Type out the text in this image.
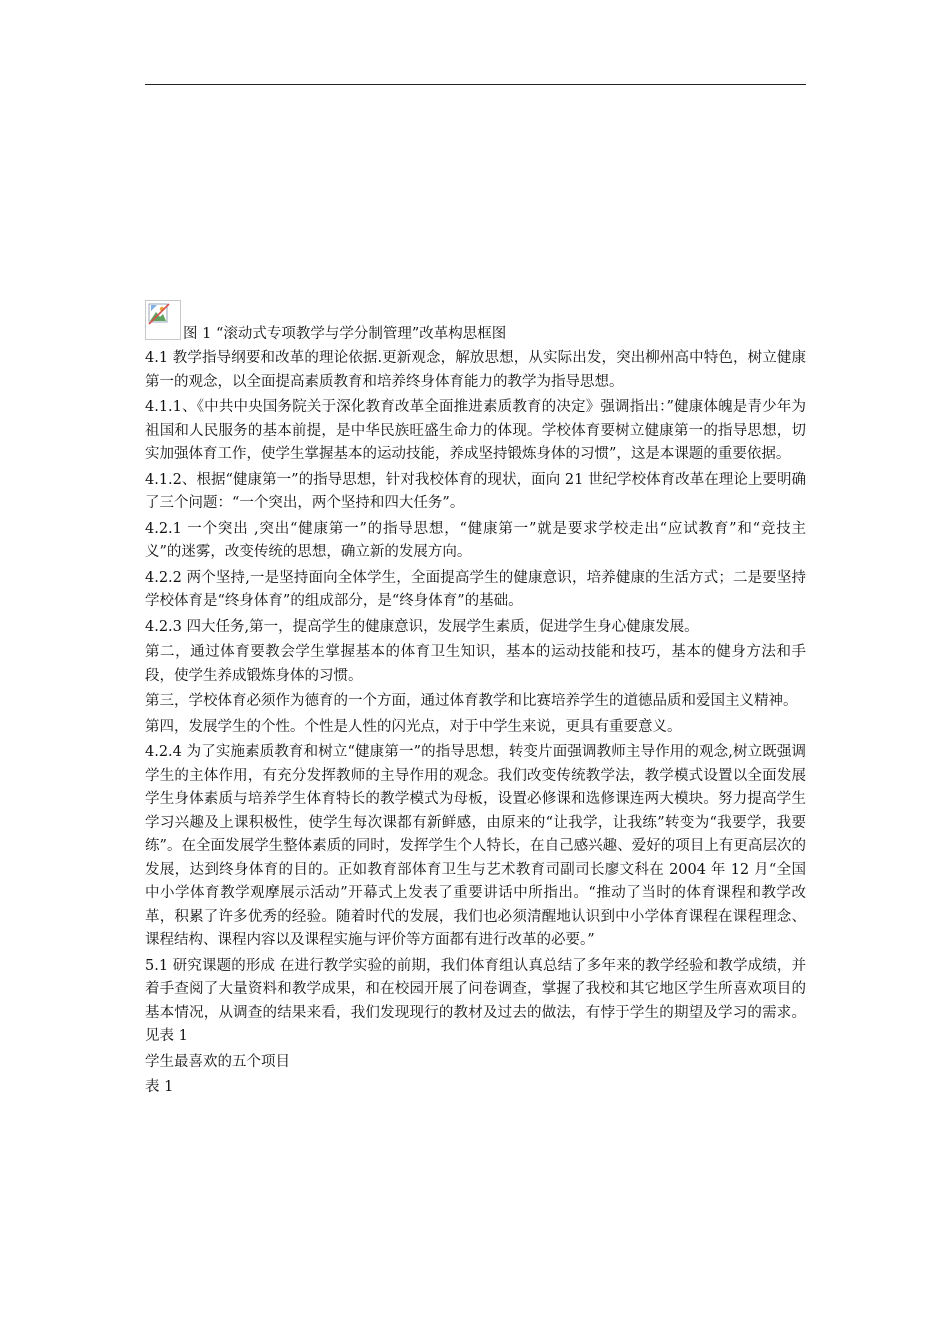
图 1 “滚动式专项教学与学分制管理”改革构思框图

4.1 教学指导纲要和改革的理论依据.更新观念，解放思想，从实际出发，突出柳州高中特色，树立健康第一的观念，以全面提高素质教育和培养终身体育能力的教学为指导思想。

4.1.1、《中共中央国务院关于深化教育改革全面推进素质教育的决定》强调指出：”健康体魄是青少年为祖国和人民服务的基本前提，是中华民族旺盛生命力的体现。学校体育要树立健康第一的指导思想，切实加强体育工作，使学生掌握基本的运动技能，养成坚持锻炼身体的习惯”，这是本课题的重要依据。

4.1.2、根据“健康第一”的指导思想，针对我校体育的现状，面向 21 世纪学校体育改革在理论上要明确了三个问题：“一个突出，两个坚持和四大任务”。

4.2.1 一个突出 ,突出“健康第一”的指导思想，“健康第一”就是要求学校走出“应试教育”和“竞技主义”的迷雾，改变传统的思想，确立新的发展方向。

4.2.2 两个坚持,一是坚持面向全体学生，全面提高学生的健康意识，培养健康的生活方式；二是要坚持学校体育是“终身体育”的组成部分，是“终身体育”的基础。

4.2.3 四大任务,第一，提高学生的健康意识，发展学生素质，促进学生身心健康发展。

第二，通过体育要教会学生掌握基本的体育卫生知识，基本的运动技能和技巧，基本的健身方法和手段，使学生养成锻炼身体的习惯。

第三，学校体育必须作为德育的一个方面，通过体育教学和比赛培养学生的道德品质和爱国主义精神。

第四，发展学生的个性。个性是人性的闪光点，对于中学生来说，更具有重要意义。

4.2.4 为了实施素质教育和树立“健康第一”的指导思想，转变片面强调教师主导作用的观念,树立既强调学生的主体作用，有充分发挥教师的主导作用的观念。我们改变传统教学法，教学模式设置以全面发展学生身体素质与培养学生体育特长的教学模式为母板，设置必修课和选修课连两大模块。努力提高学生学习兴趣及上课积极性，使学生每次课都有新鲜感，由原来的“让我学，让我练”转变为“我要学，我要练”。在全面发展学生整体素质的同时，发挥学生个人特长，在自己感兴趣、爱好的项目上有更高层次的发展，达到终身体育的目的。正如教育部体育卫生与艺术教育司副司长廖文科在 2004 年 12 月“全国中小学体育教学观摩展示活动”开幕式上发表了重要讲话中所指出。“推动了当时的体育课程和教学改革，积累了许多优秀的经验。随着时代的发展，我们也必须清醒地认识到中小学体育课程在课程理念、课程结构、课程内容以及课程实施与评价等方面都有进行改革的必要。”

5.1 研究课题的形成 在进行教学实验的前期，我们体育组认真总结了多年来的教学经验和教学成绩，并着手查阅了大量资料和教学成果，和在校园开展了问卷调查，掌握了我校和其它地区学生所喜欢项目的基本情况，从调查的结果来看，我们发现现行的教材及过去的做法，有悖于学生的期望及学习的需求。见表 1

学生最喜欢的五个项目

表 1
